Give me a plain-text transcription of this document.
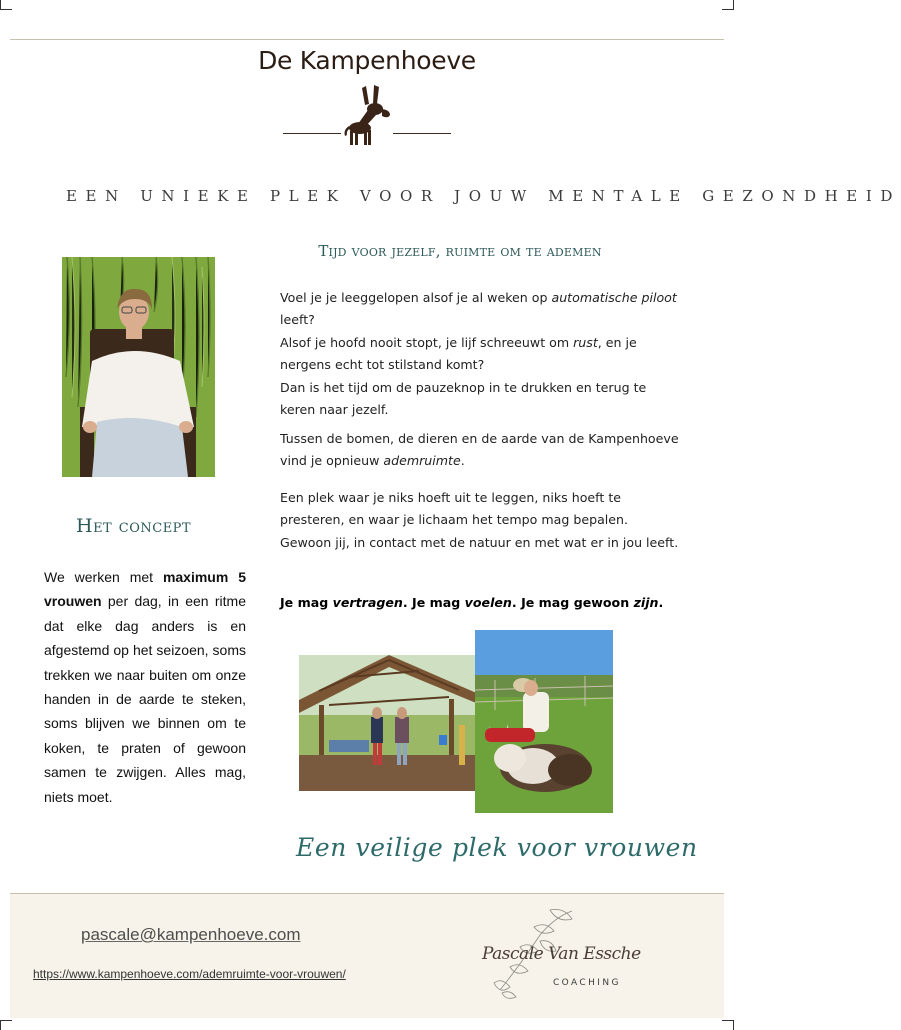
De Kampenhoeve
EEN UNIEKE PLEK VOOR JOUW MENTALE GEZONDHEID
Tijd voor jezelf, ruimte om te ademen
Het concept
We werken met maximum 5 vrouwen per dag, in een ritme dat elke dag anders is en afgestemd op het seizoen, soms trekken we naar buiten om onze handen in de aarde te steken, soms blijven we binnen om te koken, te praten of gewoon samen te zwijgen. Alles mag, niets moet.
Voel je je leeggelopen alsof je al weken op automatische piloot leeft?
Alsof je hoofd nooit stopt, je lijf schreeuwt om rust, en je nergens echt tot stilstand komt?
Dan is het tijd om de pauzeknop in te drukken en terug te keren naar jezelf.
Tussen de bomen, de dieren en de aarde van de Kampenhoeve vind je opnieuw ademruimte.
Een plek waar je niks hoeft uit te leggen, niks hoeft te presteren, en waar je lichaam het tempo mag bepalen. Gewoon jij, in contact met de natuur en met wat er in jou leeft.
Je mag vertragen. Je mag voelen. Je mag gewoon zijn.
Een veilige plek voor vrouwen
pascale@kampenhoeve.com
https://www.kampenhoeve.com/ademruimte-voor-vrouwen/
Pascale Van Essche
COACHING
